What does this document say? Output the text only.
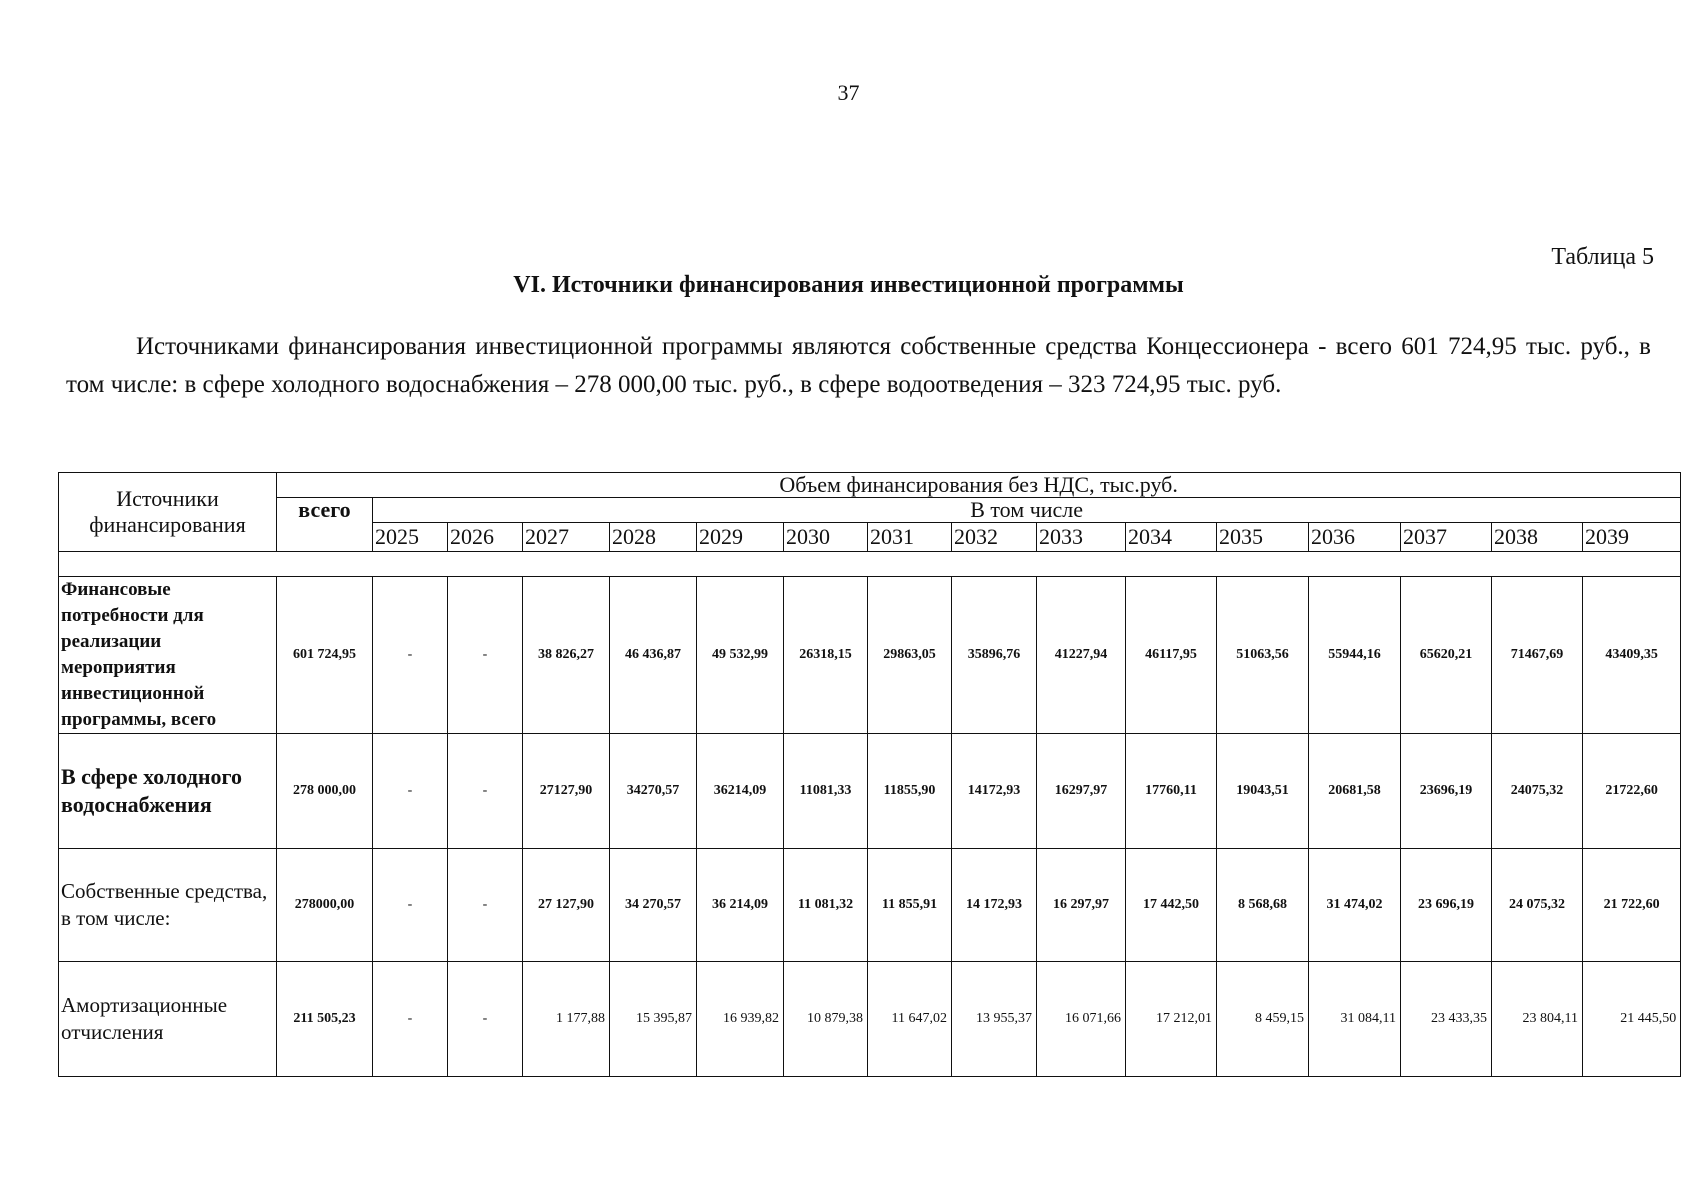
37
Таблица 5
VI. Источники финансирования инвестиционной программы

Источниками финансирования инвестиционной программы являются собственные средства Концессионера - всего 601 724,95 тыс. руб., в том числе: в сфере холодного водоснабжения – 278 000,00 тыс. руб., в сфере водоотведения – 323 724,95 тыс. руб.

Источники финансирования	Объем финансирования без НДС, тыс.руб.															
	всего	В том числе														
		2025	2026	2027	2028	2029	2030	2031	2032	2033	2034	2035	2036	2037	2038	2039

Финансовые потребности для реализации мероприятия инвестиционной программы, всего	601 724,95	-	-	38 826,27	46 436,87	49 532,99	26318,15	29863,05	35896,76	41227,94	46117,95	51063,56	55944,16	65620,21	71467,69	43409,35
В сфере холодного водоснабжения	278 000,00	-	-	27127,90	34270,57	36214,09	11081,33	11855,90	14172,93	16297,97	17760,11	19043,51	20681,58	23696,19	24075,32	21722,60
Собственные средства, в том числе:	278000,00	-	-	27 127,90	34 270,57	36 214,09	11 081,32	11 855,91	14 172,93	16 297,97	17 442,50	8 568,68	31 474,02	23 696,19	24 075,32	21 722,60
Амортизационные отчисления	211 505,23	-	-	1 177,88	15 395,87	16 939,82	10 879,38	11 647,02	13 955,37	16 071,66	17 212,01	8 459,15	31 084,11	23 433,35	23 804,11	21 445,50
